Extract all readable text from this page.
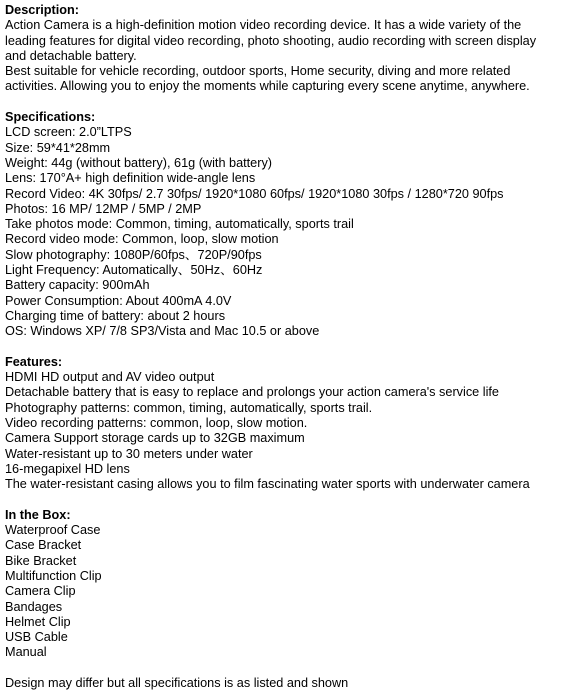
Description:
Action Camera is a high-definition motion video recording device. It has a wide variety of the
leading features for digital video recording, photo shooting, audio recording with screen display
and detachable battery.
Best suitable for vehicle recording, outdoor sports, Home security, diving and more related
activities. Allowing you to enjoy the moments while capturing every scene anytime, anywhere.
Specifications:
LCD screen: 2.0”LTPS
Size: 59*41*28mm
Weight: 44g (without battery), 61g (with battery)
Lens: 170°A+ high definition wide-angle lens
Record Video: 4K 30fps/ 2.7 30fps/ 1920*1080 60fps/ 1920*1080 30fps / 1280*720 90fps
Photos: 16 MP/ 12MP / 5MP / 2MP
Take photos mode: Common, timing, automatically, sports trail
Record video mode: Common, loop, slow motion
Slow photography: 1080P/60fps、720P/90fps
Light Frequency: Automatically、50Hz、60Hz
Battery capacity: 900mAh
Power Consumption: About 400mA 4.0V
Charging time of battery: about 2 hours
OS: Windows XP/ 7/8 SP3/Vista and Mac 10.5 or above
Features:
HDMI HD output and AV video output
Detachable battery that is easy to replace and prolongs your action camera's service life
Photography patterns: common, timing, automatically, sports trail.
Video recording patterns: common, loop, slow motion.
Camera Support storage cards up to 32GB maximum
Water-resistant up to 30 meters under water
16-megapixel HD lens
The water-resistant casing allows you to film fascinating water sports with underwater camera
In the Box:
Waterproof Case
Case Bracket
Bike Bracket
Multifunction Clip
Camera Clip
Bandages
Helmet Clip
USB Cable
Manual
Design may differ but all specifications is as listed and shown
